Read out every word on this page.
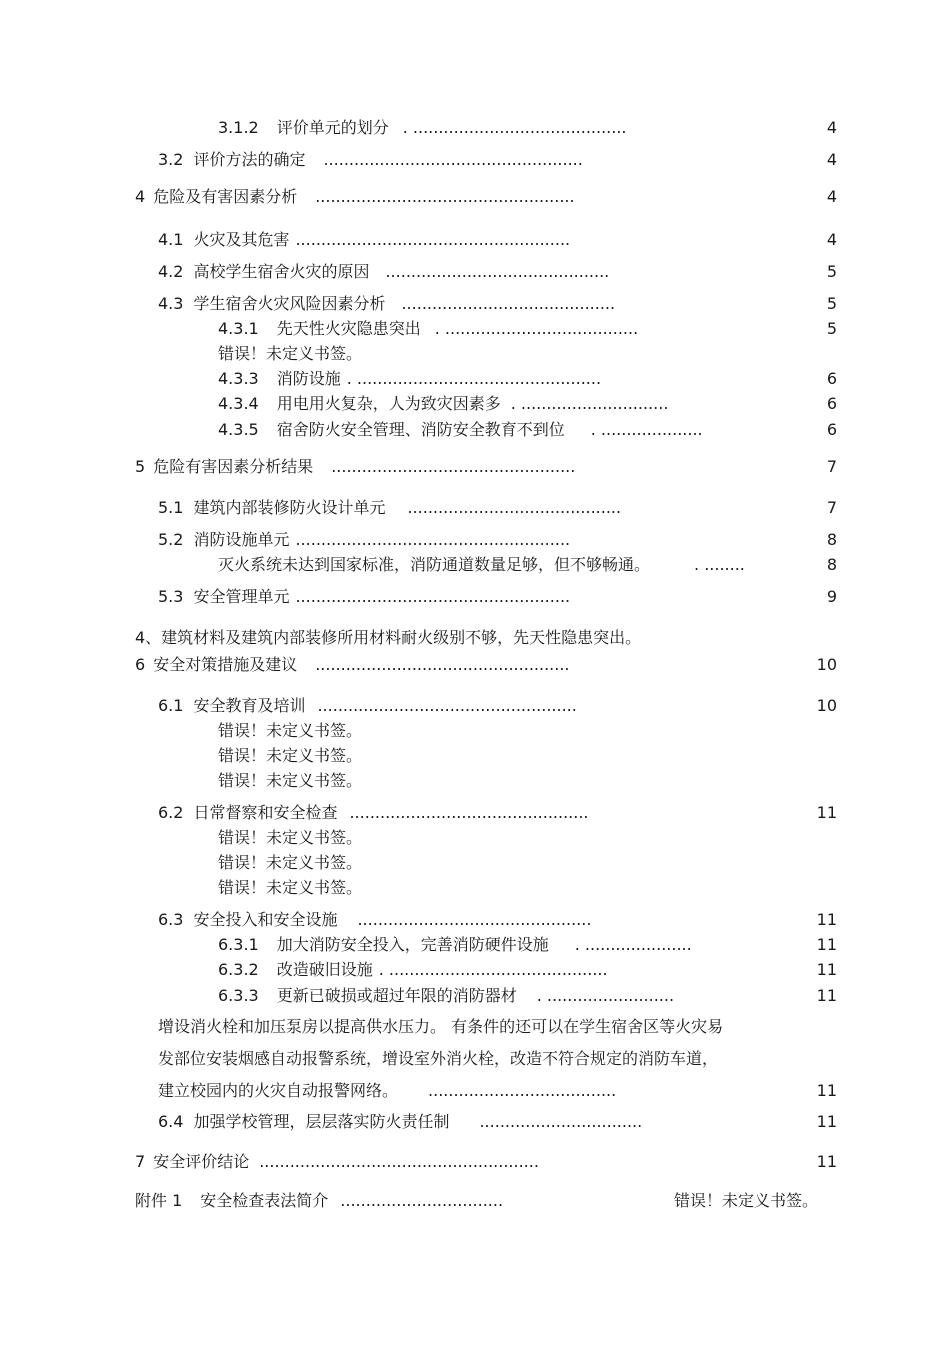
3.1.2 评价单元的划分 . ..........................................	4
3.2 评价方法的确定 ...................................................	4
4 危险及有害因素分析 ...................................................	4
4.1 火灾及其危害 ......................................................	4
4.2 高校学生宿舍火灾的原因 ............................................	5
4.3 学生宿舍火灾风险因素分析 ..........................................	5
4.3.1 先天性火灾隐患突出 . ......................................	5
错误！未定义书签。
4.3.3 消防设施 . ................................................	6
4.3.4 用电用火复杂，人为致灾因素多 . .............................	6
4.3.5 宿舍防火安全管理、消防安全教育不到位 . ....................	6
5 危险有害因素分析结果 ................................................	7
5.1 建筑内部装修防火设计单元 ..........................................	7
5.2 消防设施单元 ......................................................	8
灭火系统未达到国家标准，消防通道数量足够，但不够畅通。	. ........	8
5.3 安全管理单元 ......................................................	9
4、建筑材料及建筑内部装修所用材料耐火级别不够，先天性隐患突出。
6 安全对策措施及建议 ..................................................	10
6.1 安全教育及培训 ...................................................	10
错误！未定义书签。
错误！未定义书签。
错误！未定义书签。
6.2 日常督察和安全检查 ...............................................	11
错误！未定义书签。
错误！未定义书签。
错误！未定义书签。
6.3 安全投入和安全设施 ..............................................	11
6.3.1 加大消防安全投入，完善消防硬件设施 . .....................	11
6.3.2 改造破旧设施 . ...........................................	11
6.3.3 更新已破损或超过年限的消防器材 . .........................	11
增设消火栓和加压泵房以提高供水压力。 有条件的还可以在学生宿舍区等火灾易
发部位安装烟感自动报警系统，增设室外消火栓，改造不符合规定的消防车道，
建立校园内的火灾自动报警网络。 .....................................	11
6.4 加强学校管理，层层落实防火责任制 ................................	11
7 安全评价结论 .......................................................	11
附件 1 安全检查表法简介 ................................	错误！未定义书签。
